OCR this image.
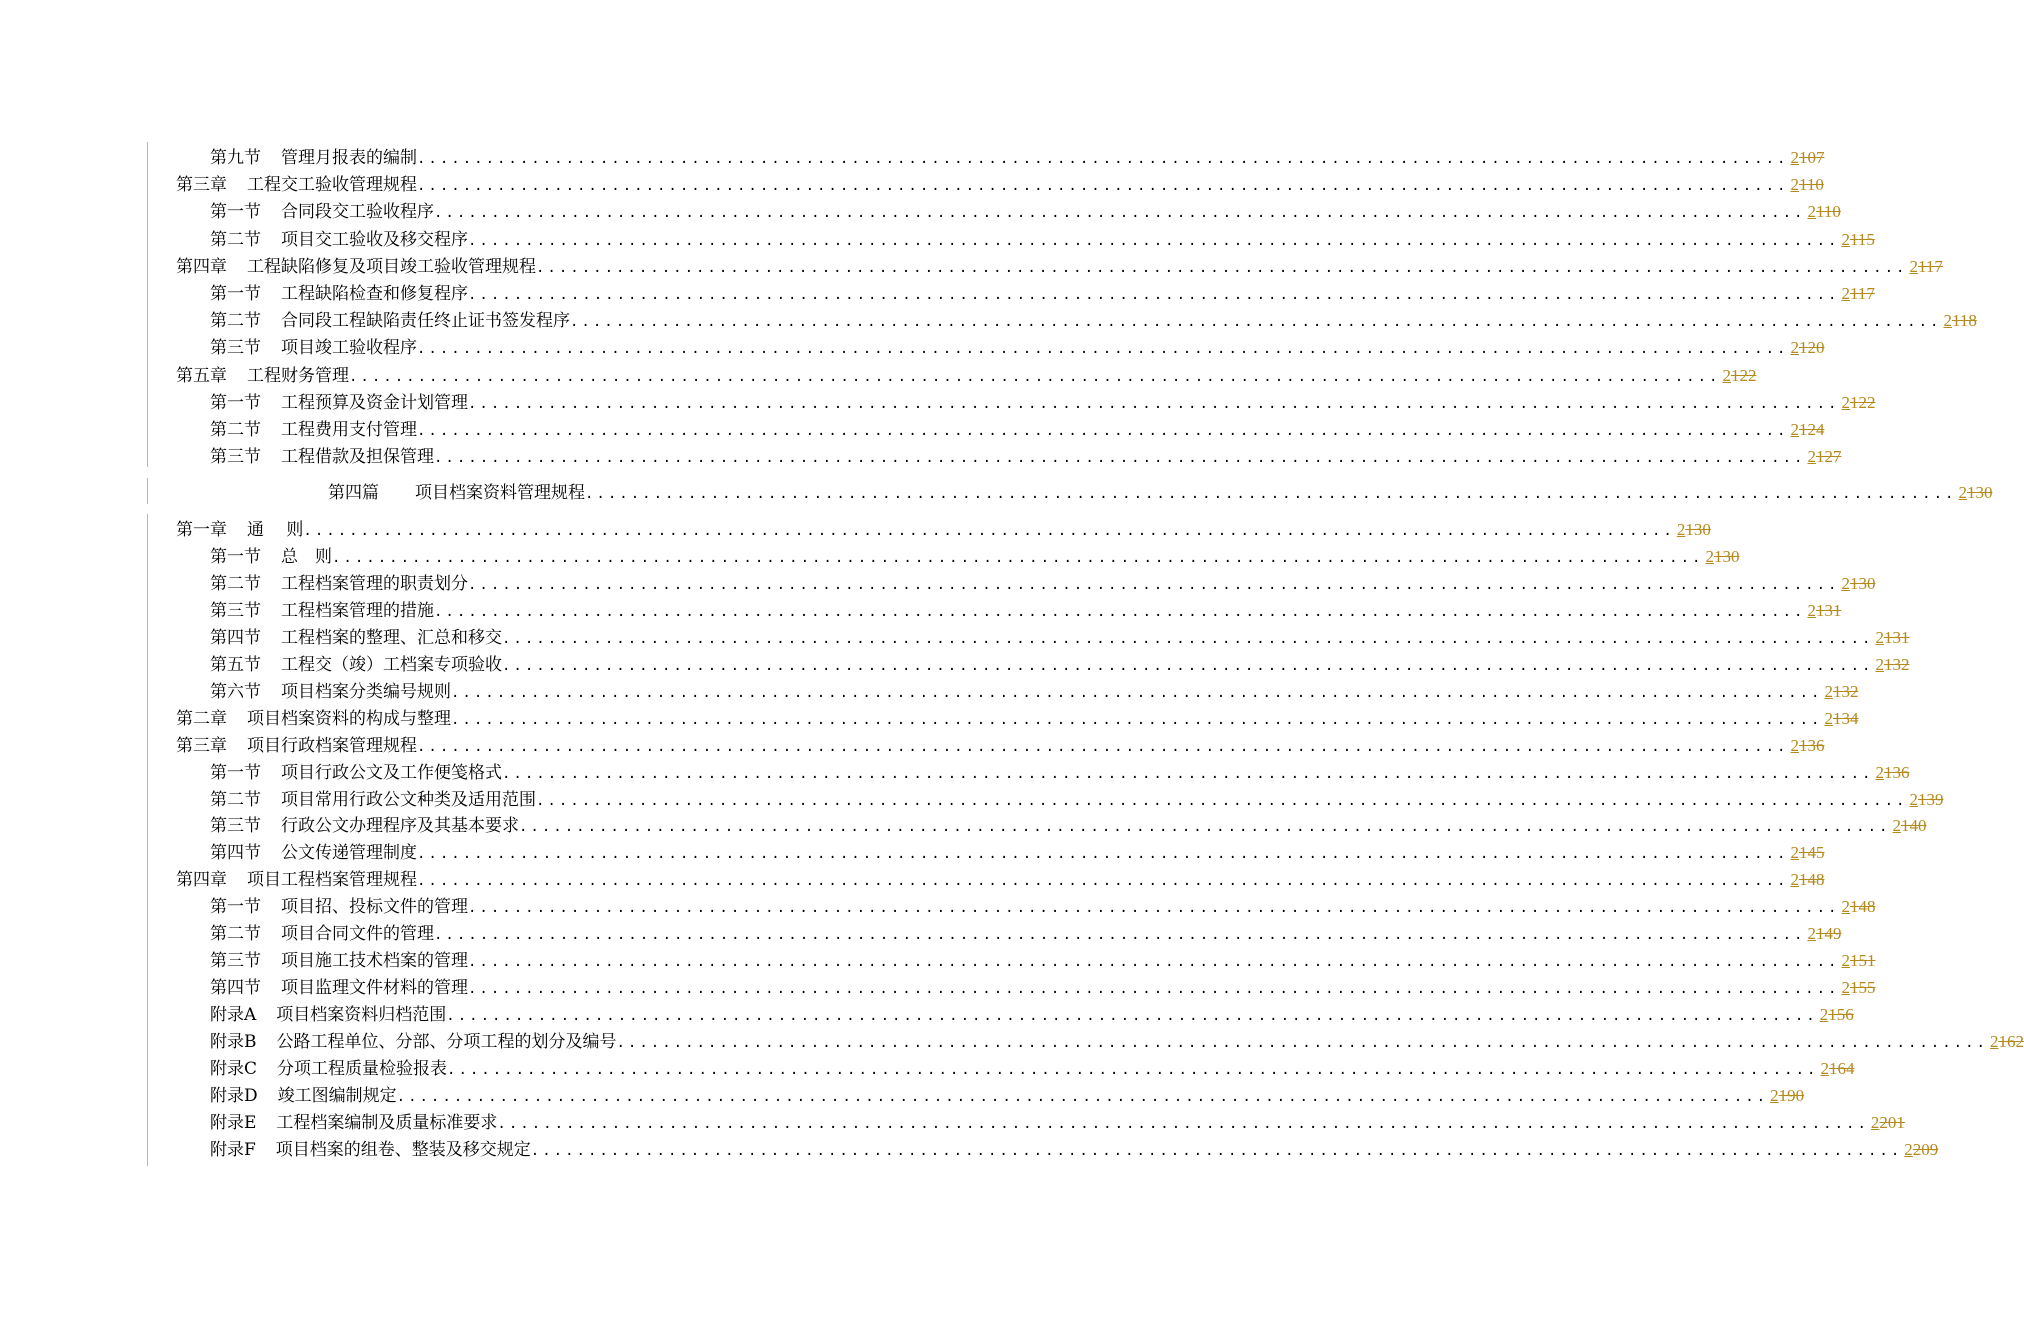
第九节 管理月报表的编制 ........................................................................................................................ 2107
第三章 工程交工验收管理规程 ........................................................................................................................ 2110
第一节 合同段交工验收程序 ........................................................................................................................ 2110
第二节 项目交工验收及移交程序 ........................................................................................................................ 2115
第四章 工程缺陷修复及项目竣工验收管理规程 ........................................................................................................................ 2117
第一节 工程缺陷检查和修复程序 ........................................................................................................................ 2117
第二节 合同段工程缺陷责任终止证书签发程序 ........................................................................................................................ 2118
第三节 项目竣工验收程序 ........................................................................................................................ 2120
第五章 工程财务管理 ........................................................................................................................ 2122
第一节 工程预算及资金计划管理 ........................................................................................................................ 2122
第二节 工程费用支付管理 ........................................................................................................................ 2124
第三节 工程借款及担保管理 ........................................................................................................................ 2127
第四篇 项目档案资料管理规程 ........................................................................................................................ 2130
第一章 通　 则 ........................................................................................................................ 2130
第一节 总　则 ........................................................................................................................ 2130
第二节 工程档案管理的职责划分 ........................................................................................................................ 2130
第三节 工程档案管理的措施 ........................................................................................................................ 2131
第四节 工程档案的整理、汇总和移交 ........................................................................................................................ 2131
第五节 工程交（竣）工档案专项验收 ........................................................................................................................ 2132
第六节 项目档案分类编号规则 ........................................................................................................................ 2132
第二章 项目档案资料的构成与整理 ........................................................................................................................ 2134
第三章 项目行政档案管理规程 ........................................................................................................................ 2136
第一节 项目行政公文及工作便笺格式 ........................................................................................................................ 2136
第二节 项目常用行政公文种类及适用范围 ........................................................................................................................ 2139
第三节 行政公文办理程序及其基本要求 ........................................................................................................................ 2140
第四节 公文传递管理制度 ........................................................................................................................ 2145
第四章 项目工程档案管理规程 ........................................................................................................................ 2148
第一节 项目招、投标文件的管理 ........................................................................................................................ 2148
第二节 项目合同文件的管理 ........................................................................................................................ 2149
第三节 项目施工技术档案的管理 ........................................................................................................................ 2151
第四节 项目监理文件材料的管理 ........................................................................................................................ 2155
附录A 项目档案资料归档范围 ........................................................................................................................ 2156
附录B 公路工程单位、分部、分项工程的划分及编号 ........................................................................................................................ 2162
附录C 分项工程质量检验报表 ........................................................................................................................ 2164
附录D 竣工图编制规定 ........................................................................................................................ 2190
附录E 工程档案编制及质量标准要求 ........................................................................................................................ 2201
附录F 项目档案的组卷、整装及移交规定 ........................................................................................................................ 2209
